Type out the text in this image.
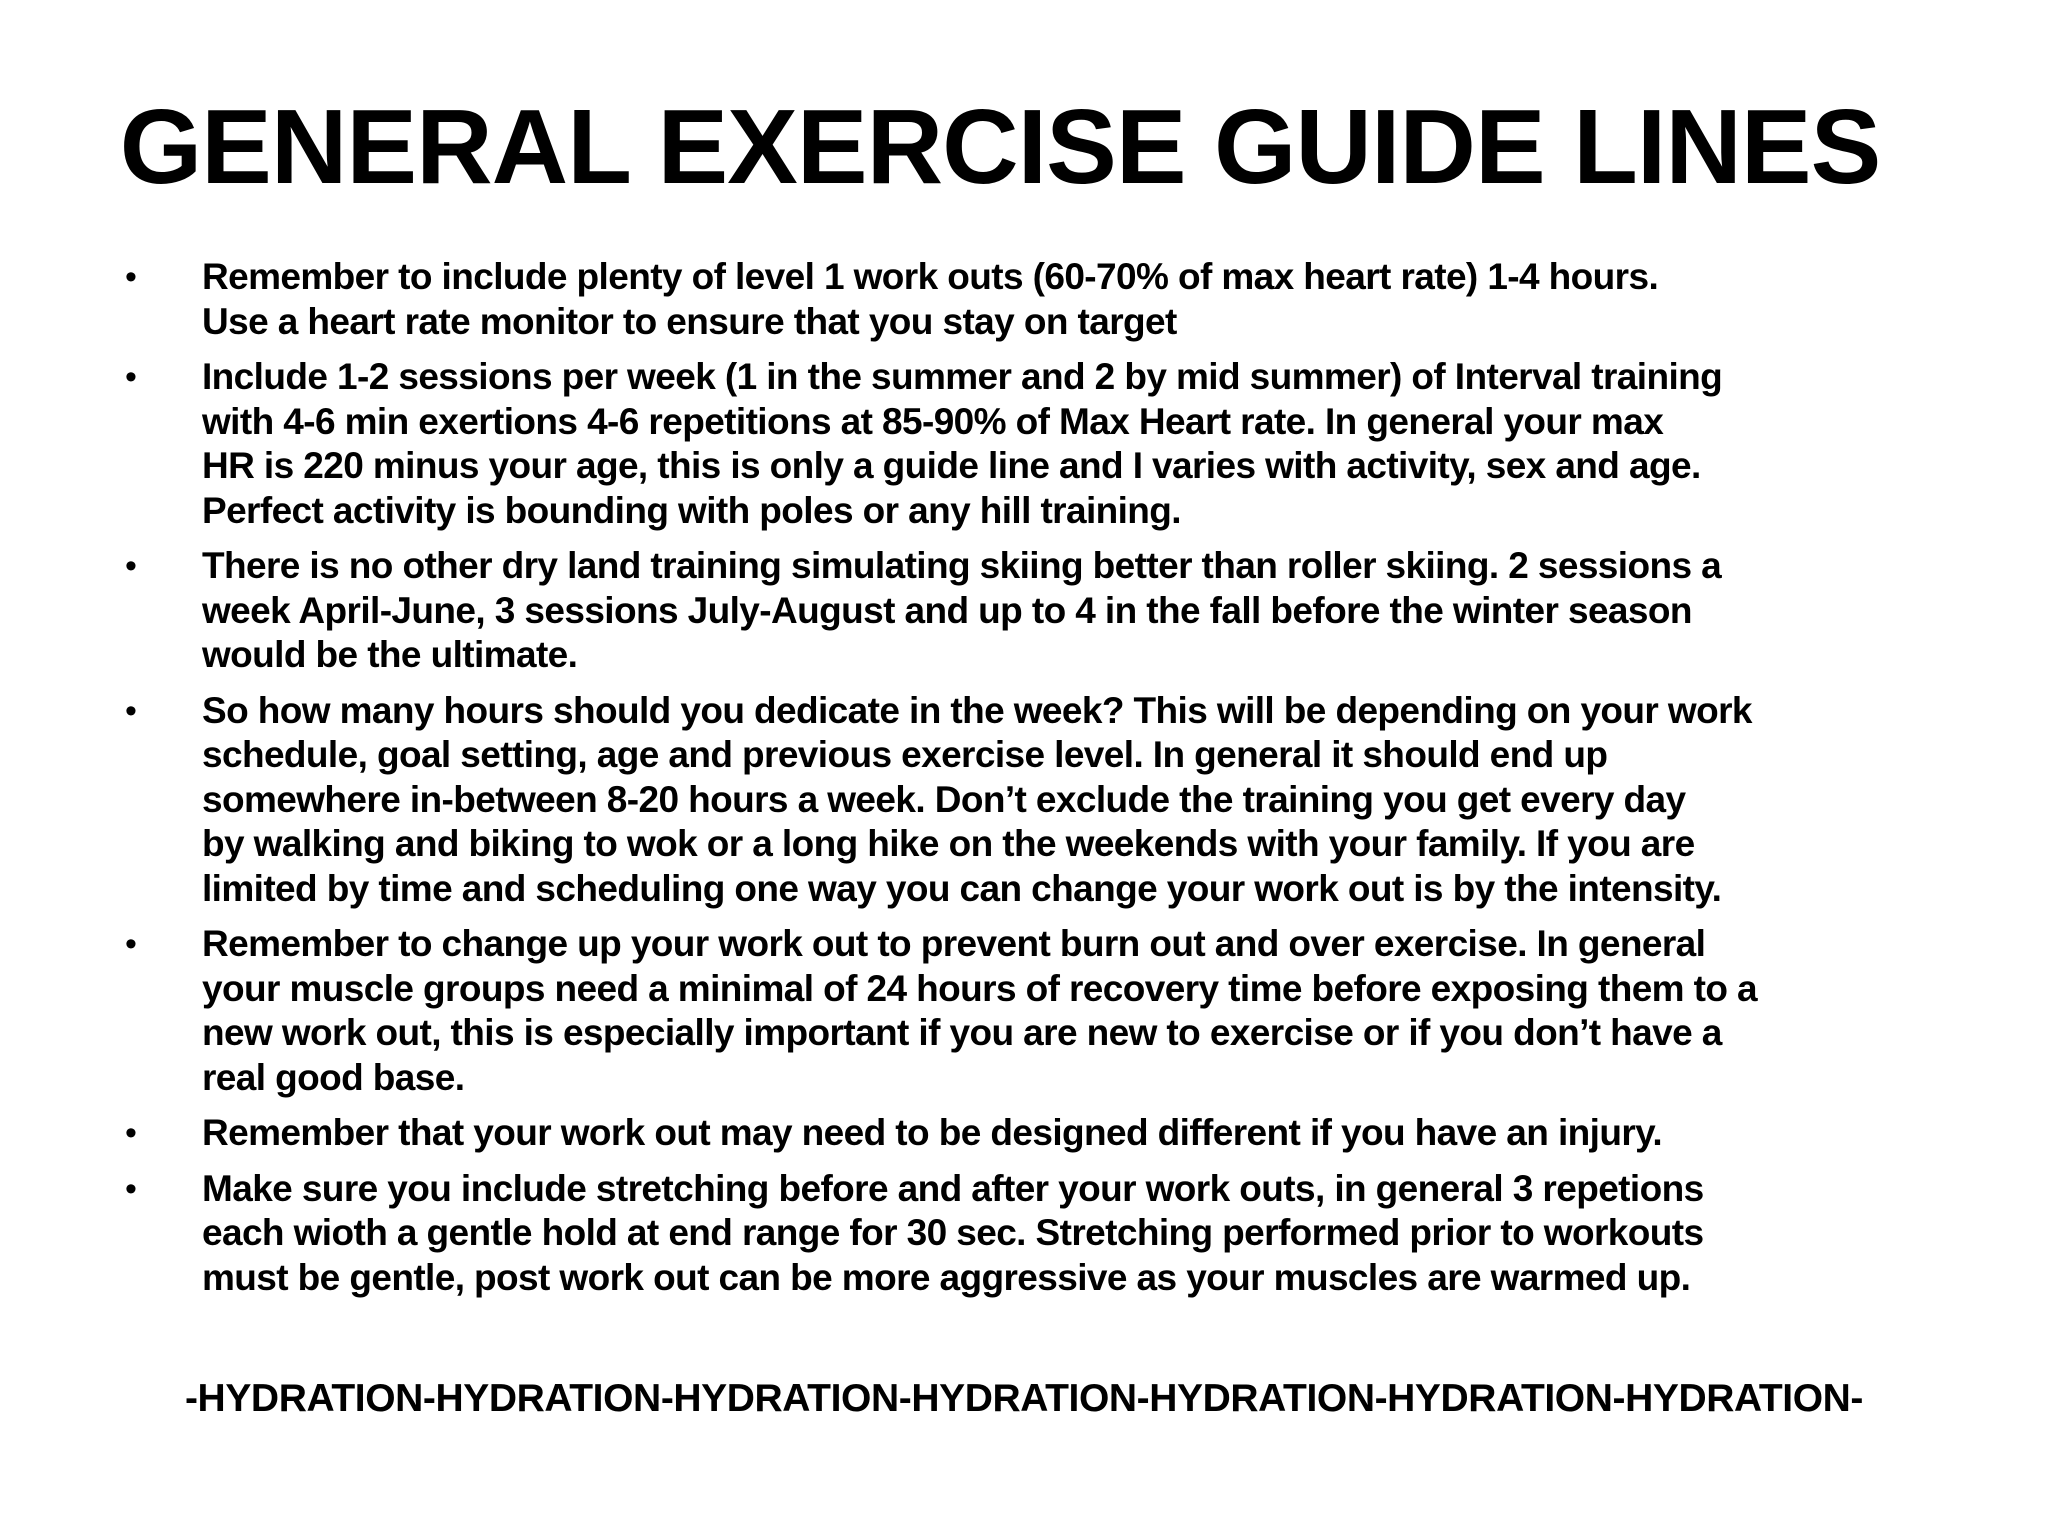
GENERAL EXERCISE GUIDE LINES
• Remember to include plenty of level 1 work outs (60-70% of max heart rate) 1-4 hours.
Use a heart rate monitor to ensure that you stay on target
• Include 1-2 sessions per week (1 in the summer and 2 by mid summer) of Interval training
with 4-6 min exertions 4-6 repetitions at 85-90% of Max Heart rate. In general your max
HR is 220 minus your age, this is only a guide line and I varies with activity, sex and age.
Perfect activity is bounding with poles or any hill training.
• There is no other dry land training simulating skiing better than roller skiing. 2 sessions a
week April-June, 3 sessions July-August and up to 4 in the fall before the winter season
would be the ultimate.
• So how many hours should you dedicate in the week? This will be depending on your work
schedule, goal setting, age and previous exercise level. In general it should end up
somewhere in-between 8-20 hours a week. Don’t exclude the training you get every day
by walking and biking to wok or a long hike on the weekends with your family. If you are
limited by time and scheduling one way you can change your work out is by the intensity.
• Remember to change up your work out to prevent burn out and over exercise. In general
your muscle groups need a minimal of 24 hours of recovery time before exposing them to a
new work out, this is especially important if you are new to exercise or if you don’t have a
real good base.
• Remember that your work out may need to be designed different if you have an injury.
• Make sure you include stretching before and after your work outs, in general 3 repetions
each wioth a gentle hold at end range for 30 sec. Stretching performed prior to workouts
must be gentle, post work out can be more aggressive as your muscles are warmed up.
-HYDRATION-HYDRATION-HYDRATION-HYDRATION-HYDRATION-HYDRATION-HYDRATION-
